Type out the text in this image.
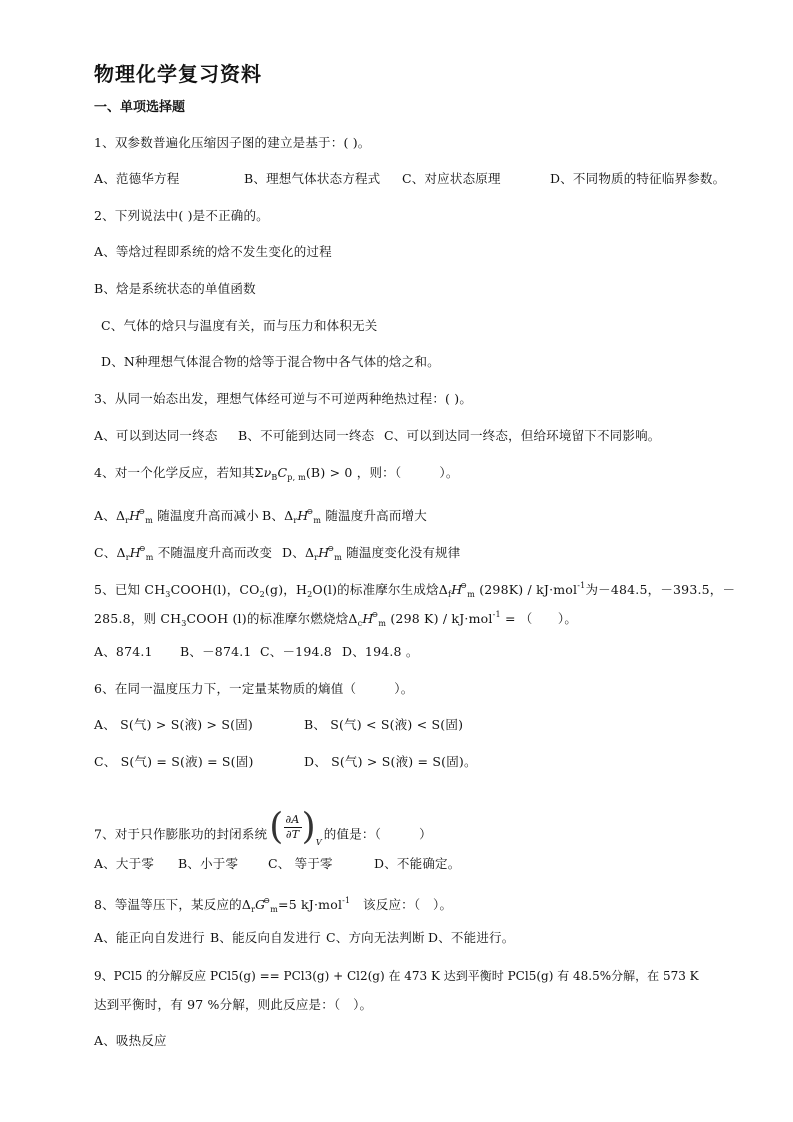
物理化学复习资料
一、单项选择题
1、双参数普遍化压缩因子图的建立是基于：( )。
A、范德华方程	B、理想气体状态方程式 C、对应状态原理	D、不同物质的特征临界参数。
2、下列说法中( )是不正确的。
A、等焓过程即系统的焓不发生变化的过程
B、焓是系统状态的单值函数
C、气体的焓只与温度有关，而与压力和体积无关
D、N种理想气体混合物的焓等于混合物中各气体的焓之和。
3、从同一始态出发，理想气体经可逆与不可逆两种绝热过程：( )。
A、可以到达同一终态 B、不可能到达同一终态 C、可以到达同一终态，但给环境留下不同影响。
4、对一个化学反应，若知其$\Sigma\nu_BC_{p, m}(B) > 0$ ，则：（　　　）。
A、$\Delta_rH^⊖_m$ 随温度升高而减小 B、$\Delta_rH^⊖_m$ 随温度升高而增大
C、$\Delta_rH^⊖_m$ 不随温度升高而改变 D、$\Delta_rH^⊖_m$ 随温度变化没有规律
5、已知 $CH_3COOH(l)$，$CO_2(g)$，$H_2O(l)$的标准摩尔生成焓$\Delta_fH^⊖_m$ (298K) / kJ·mol$^{-1}$为－484.5，－393.5，－
285.8，则 $CH_3COOH$ (l)的标准摩尔燃烧焓$\Delta_cH^⊖_m$ (298 K) / kJ·mol$^{-1}$ = （　　）。
A、874.1 B、－874.1 C、－194.8 D、194.8 。
6、在同一温度压力下，一定量某物质的熵值（　　　）。
A、 S(气) > S(液) > S(固)	B、 S(气) < S(液) < S(固)
C、 S(气) = S(液) = S(固)	D、 S(气) > S(液) = S(固)。
7、对于只作膨胀功的封闭系统( $\frac{\partial A}{\partial T} )_V$的值是：（　　　）
A、大于零 B、小于零 C、 等于零	D、不能确定。
8、等温等压下，某反应的$\Delta_rG^⊖_m=5$ kJ·mol$^{-1}$　该反应：（　）。
A、能正向自发进行 B、能反向自发进行 C、方向无法判断 D、不能进行。
9、PCl5 的分解反应 PCl5(g) == PCl3(g) + Cl2(g) 在 473 K 达到平衡时 PCl5(g) 有 48.5%分解，在 573 K
达到平衡时，有 97 %分解，则此反应是：（　）。
A、吸热反应
